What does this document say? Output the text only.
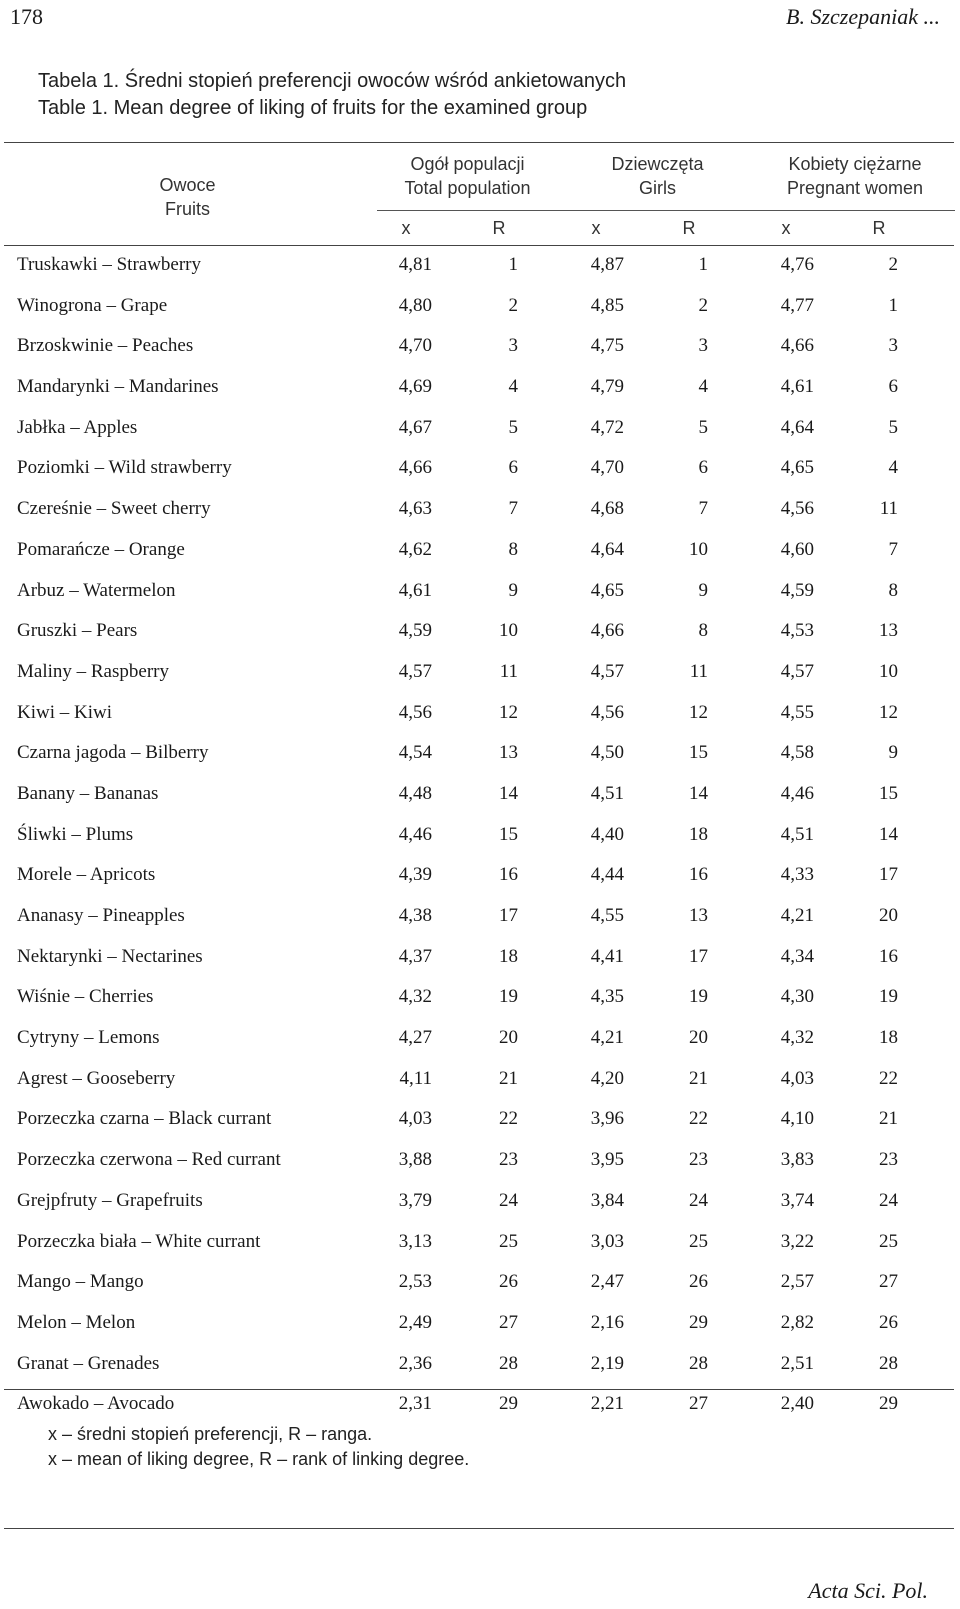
178	B. Szczepaniak ...
Tabela 1. Średni stopień preferencji owoców wśród ankietowanych
Table 1. Mean degree of liking of fruits for the examined group
Owoce
Fruits
Ogół populacji
Total population
Dziewczęta
Girls
Kobiety ciężarne
Pregnant women
x	R	x	R	x	R
Truskawki – Strawberry	4,81	1	4,87	1	4,76	2
Winogrona – Grape	4,80	2	4,85	2	4,77	1
Brzoskwinie – Peaches	4,70	3	4,75	3	4,66	3
Mandarynki – Mandarines	4,69	4	4,79	4	4,61	6
Jabłka – Apples	4,67	5	4,72	5	4,64	5
Poziomki – Wild strawberry	4,66	6	4,70	6	4,65	4
Czereśnie – Sweet cherry	4,63	7	4,68	7	4,56	11
Pomarańcze – Orange	4,62	8	4,64	10	4,60	7
Arbuz – Watermelon	4,61	9	4,65	9	4,59	8
Gruszki – Pears	4,59	10	4,66	8	4,53	13
Maliny – Raspberry	4,57	11	4,57	11	4,57	10
Kiwi – Kiwi	4,56	12	4,56	12	4,55	12
Czarna jagoda – Bilberry	4,54	13	4,50	15	4,58	9
Banany – Bananas	4,48	14	4,51	14	4,46	15
Śliwki – Plums	4,46	15	4,40	18	4,51	14
Morele – Apricots	4,39	16	4,44	16	4,33	17
Ananasy – Pineapples	4,38	17	4,55	13	4,21	20
Nektarynki – Nectarines	4,37	18	4,41	17	4,34	16
Wiśnie – Cherries	4,32	19	4,35	19	4,30	19
Cytryny – Lemons	4,27	20	4,21	20	4,32	18
Agrest – Gooseberry	4,11	21	4,20	21	4,03	22
Porzeczka czarna – Black currant	4,03	22	3,96	22	4,10	21
Porzeczka czerwona – Red currant	3,88	23	3,95	23	3,83	23
Grejpfruty – Grapefruits	3,79	24	3,84	24	3,74	24
Porzeczka biała – White currant	3,13	25	3,03	25	3,22	25
Mango – Mango	2,53	26	2,47	26	2,57	27
Melon – Melon	2,49	27	2,16	29	2,82	26
Granat – Grenades	2,36	28	2,19	28	2,51	28
Awokado – Avocado	2,31	29	2,21	27	2,40	29
x – średni stopień preferencji, R – ranga.
x – mean of liking degree, R – rank of linking degree.
Acta Sci. Pol.
